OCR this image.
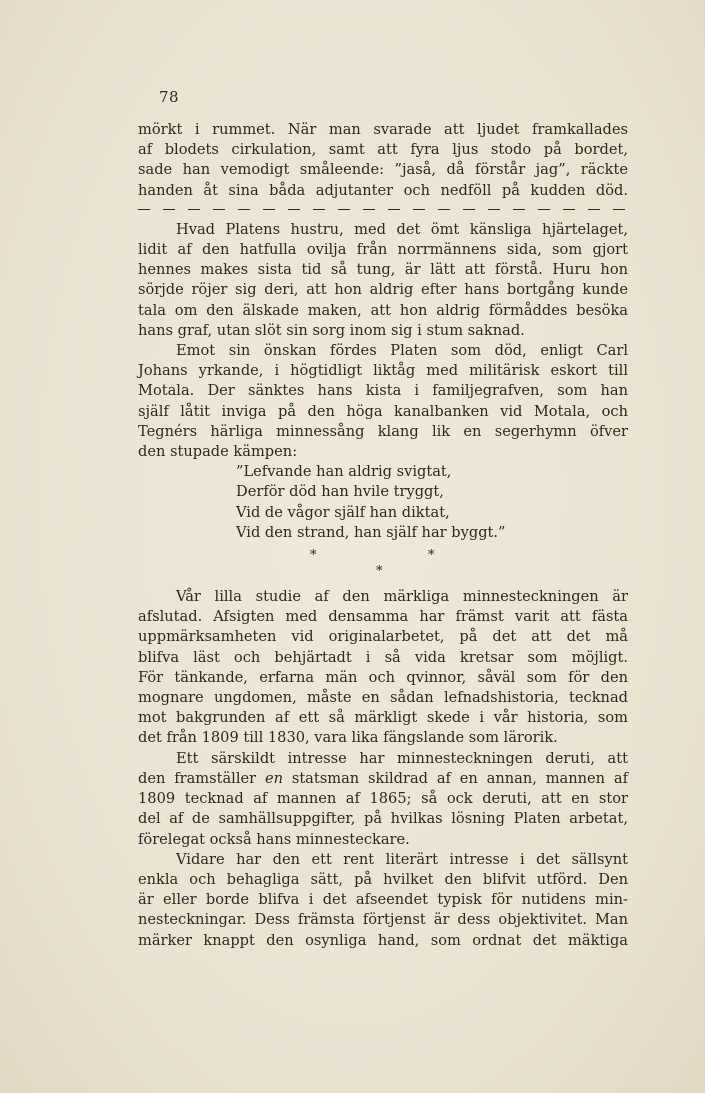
78
mörkt i rummet. När man svarade att ljudet framkallades
af blodets cirkulation, samt att fyra ljus stodo på bordet,
sade han vemodigt småleende: ”jaså, då förstår jag”, räckte
handen åt sina båda adjutanter och nedföll på kudden död.
Hvad Platens hustru, med det ömt känsliga hjärtelaget,
lidit af den hatfulla ovilja från norrmännens sida, som gjort
hennes makes sista tid så tung, är lätt att förstå. Huru hon
sörjde röjer sig deri, att hon aldrig efter hans bortgång kunde
tala om den älskade maken, att hon aldrig förmåddes besöka
hans graf, utan slöt sin sorg inom sig i stum saknad.
Emot sin önskan fördes Platen som död, enligt Carl
Johans yrkande, i högtidligt liktåg med militärisk eskort till
Motala. Der sänktes hans kista i familjegrafven, som han
själf låtit inviga på den höga kanalbanken vid Motala, och
Tegnérs härliga minnessång klang lik en segerhymn öfver
den stupade kämpen:
”Lefvande han aldrig svigtat,
Derför död han hvile tryggt,
Vid de vågor själf han diktat,
Vid den strand, han själf har byggt.”
*	*
*
Vår lilla studie af den märkliga minnesteckningen är
afslutad. Afsigten med densamma har främst varit att fästa
uppmärksamheten vid originalarbetet, på det att det må
blifva läst och behjärtadt i så vida kretsar som möjligt.
För tänkande, erfarna män och qvinnor, såväl som för den
mognare ungdomen, måste en sådan lefnadshistoria, tecknad
mot bakgrunden af ett så märkligt skede i vår historia, som
det från 1809 till 1830, vara lika fängslande som lärorik.
Ett särskildt intresse har minnesteckningen deruti, att
den framställer en statsman skildrad af en annan, mannen af
1809 tecknad af mannen af 1865; så ock deruti, att en stor
del af de samhällsuppgifter, på hvilkas lösning Platen arbetat,
förelegat också hans minnesteckare.
Vidare har den ett rent literärt intresse i det sällsynt
enkla och behagliga sätt, på hvilket den blifvit utförd. Den
är eller borde blifva i det afseendet typisk för nutidens min-
nesteckningar. Dess främsta förtjenst är dess objektivitet. Man
märker knappt den osynliga hand, som ordnat det mäktiga
